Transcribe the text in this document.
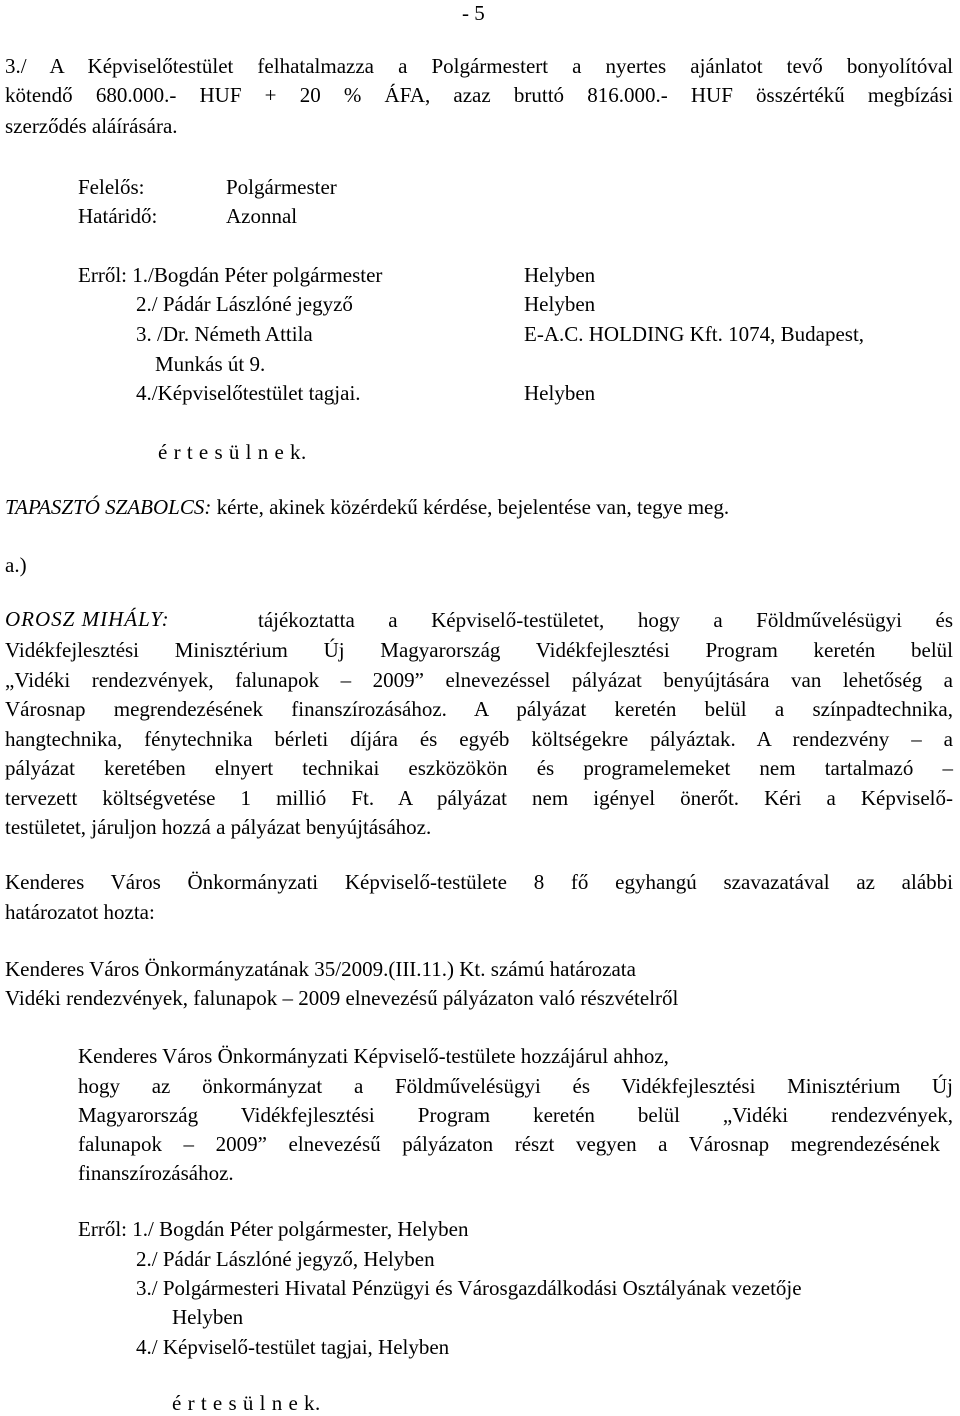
- 5
3./ A Képviselőtestület felhatalmazza a Polgármestert a nyertes ajánlatot tevő bonyolítóval
kötendő 680.000.- HUF + 20 % ÁFA, azaz bruttó 816.000.- HUF összértékű megbízási
szerződés aláírására.
Felelős:	Polgármester
Határidő:	Azonnal
Erről: 1./Bogdán Péter polgármester	Helyben
2./ Pádár Lászlóné jegyző	Helyben
3. /Dr. Németh Attila	E-A.C. HOLDING Kft. 1074, Budapest,
Munkás út 9.
4./Képviselőtestület tagjai.	Helyben
é r t e s ü l n e k.
TAPASZTÓ SZABOLCS: kérte, akinek közérdekű kérdése, bejelentése van, tegye meg.
a.)
OROSZ MIHÁLY:	tájékoztatta a Képviselő-testületet, hogy a Földművelésügyi és
Vidékfejlesztési Minisztérium Új Magyarország Vidékfejlesztési Program keretén belül
„Vidéki rendezvények, falunapok – 2009” elnevezéssel pályázat benyújtására van lehetőség a
Városnap megrendezésének finanszírozásához. A pályázat keretén belül a színpadtechnika,
hangtechnika, fénytechnika bérleti díjára és egyéb költségekre pályáztak. A rendezvény – a
pályázat keretében elnyert technikai eszközökön és programelemeket nem tartalmazó –
tervezett költségvetése 1 millió Ft. A pályázat nem igényel önerőt. Kéri a Képviselő-
testületet, járuljon hozzá a pályázat benyújtásához.
Kenderes Város Önkormányzati Képviselő-testülete 8 fő egyhangú szavazatával az alábbi
határozatot hozta:
Kenderes Város Önkormányzatának 35/2009.(III.11.) Kt. számú határozata
Vidéki rendezvények, falunapok – 2009 elnevezésű pályázaton való részvételről
Kenderes Város Önkormányzati Képviselő-testülete hozzájárul ahhoz,
hogy az önkormányzat a Földművelésügyi és Vidékfejlesztési Minisztérium Új
Magyarország Vidékfejlesztési Program keretén belül „Vidéki rendezvények,
falunapok – 2009” elnevezésű pályázaton részt vegyen a Városnap megrendezésének
finanszírozásához.
Erről: 1./ Bogdán Péter polgármester, Helyben
2./ Pádár Lászlóné jegyző, Helyben
3./ Polgármesteri Hivatal Pénzügyi és Városgazdálkodási Osztályának vezetője
Helyben
4./ Képviselő-testület tagjai, Helyben
é r t e s ü l n e k.
